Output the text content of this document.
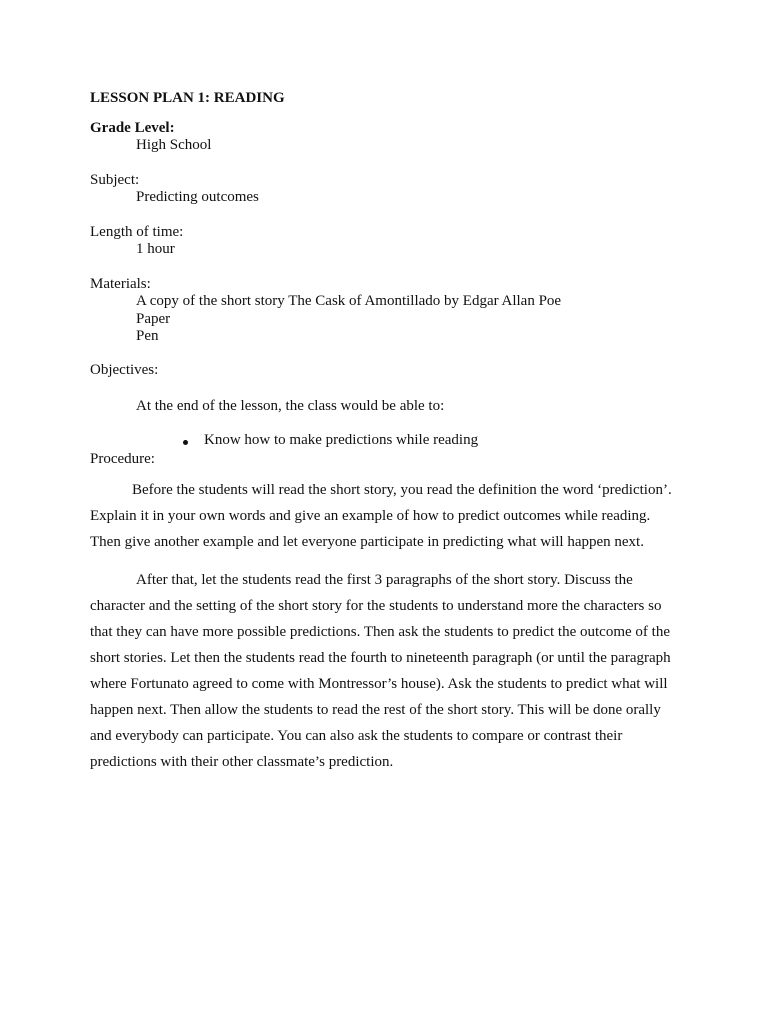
LESSON PLAN 1: READING
Grade Level:
High School
Subject:
Predicting outcomes
Length of time:
1 hour
Materials:
A copy of the short story The Cask of Amontillado by Edgar Allan Poe
Paper
Pen
Objectives:
At the end of the lesson, the class would be able to:
Know how to make predictions while reading
Procedure:
Before the students will read the short story, you read the definition the word ‘prediction’.
Explain it in your own words and give an example of how to predict outcomes while reading.
Then give another example and let everyone participate in predicting what will happen next.
After that, let the students read the first 3 paragraphs of the short story. Discuss the
character and the setting of the short story for the students to understand more the characters so
that they can have more possible predictions. Then ask the students to predict the outcome of the
short stories. Let then the students read the fourth to nineteenth paragraph (or until the paragraph
where Fortunato agreed to come with Montressor’s house). Ask the students to predict what will
happen next. Then allow the students to read the rest of the short story. This will be done orally
and everybody can participate. You can also ask the students to compare or contrast their
predictions with their other classmate’s prediction.
